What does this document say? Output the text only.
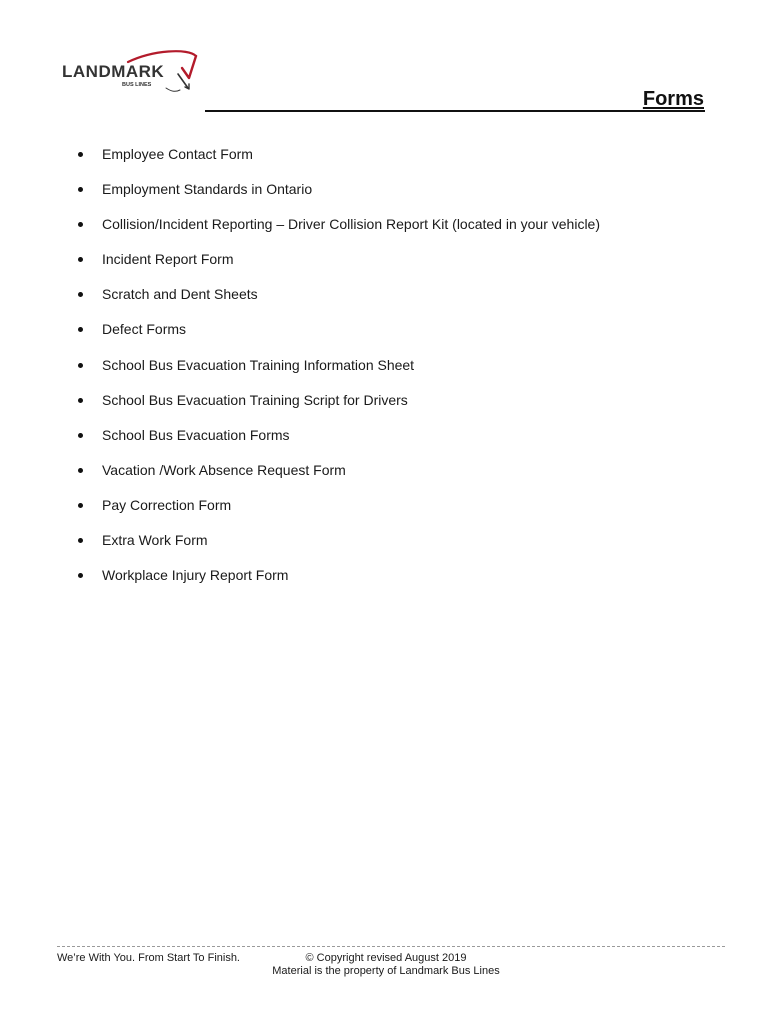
LANDMARK
BUS LINES
Forms
Employee Contact Form
Employment Standards in Ontario
Collision/Incident Reporting – Driver Collision Report Kit (located in your vehicle)
Incident Report Form
Scratch and Dent Sheets
Defect Forms
School Bus Evacuation Training Information Sheet
School Bus Evacuation Training Script for Drivers
School Bus Evacuation Forms
Vacation /Work Absence Request Form
Pay Correction Form
Extra Work Form
Workplace Injury Report Form
We’re With You. From Start To Finish.	© Copyright revised August 2019
Material is the property of Landmark Bus Lines
